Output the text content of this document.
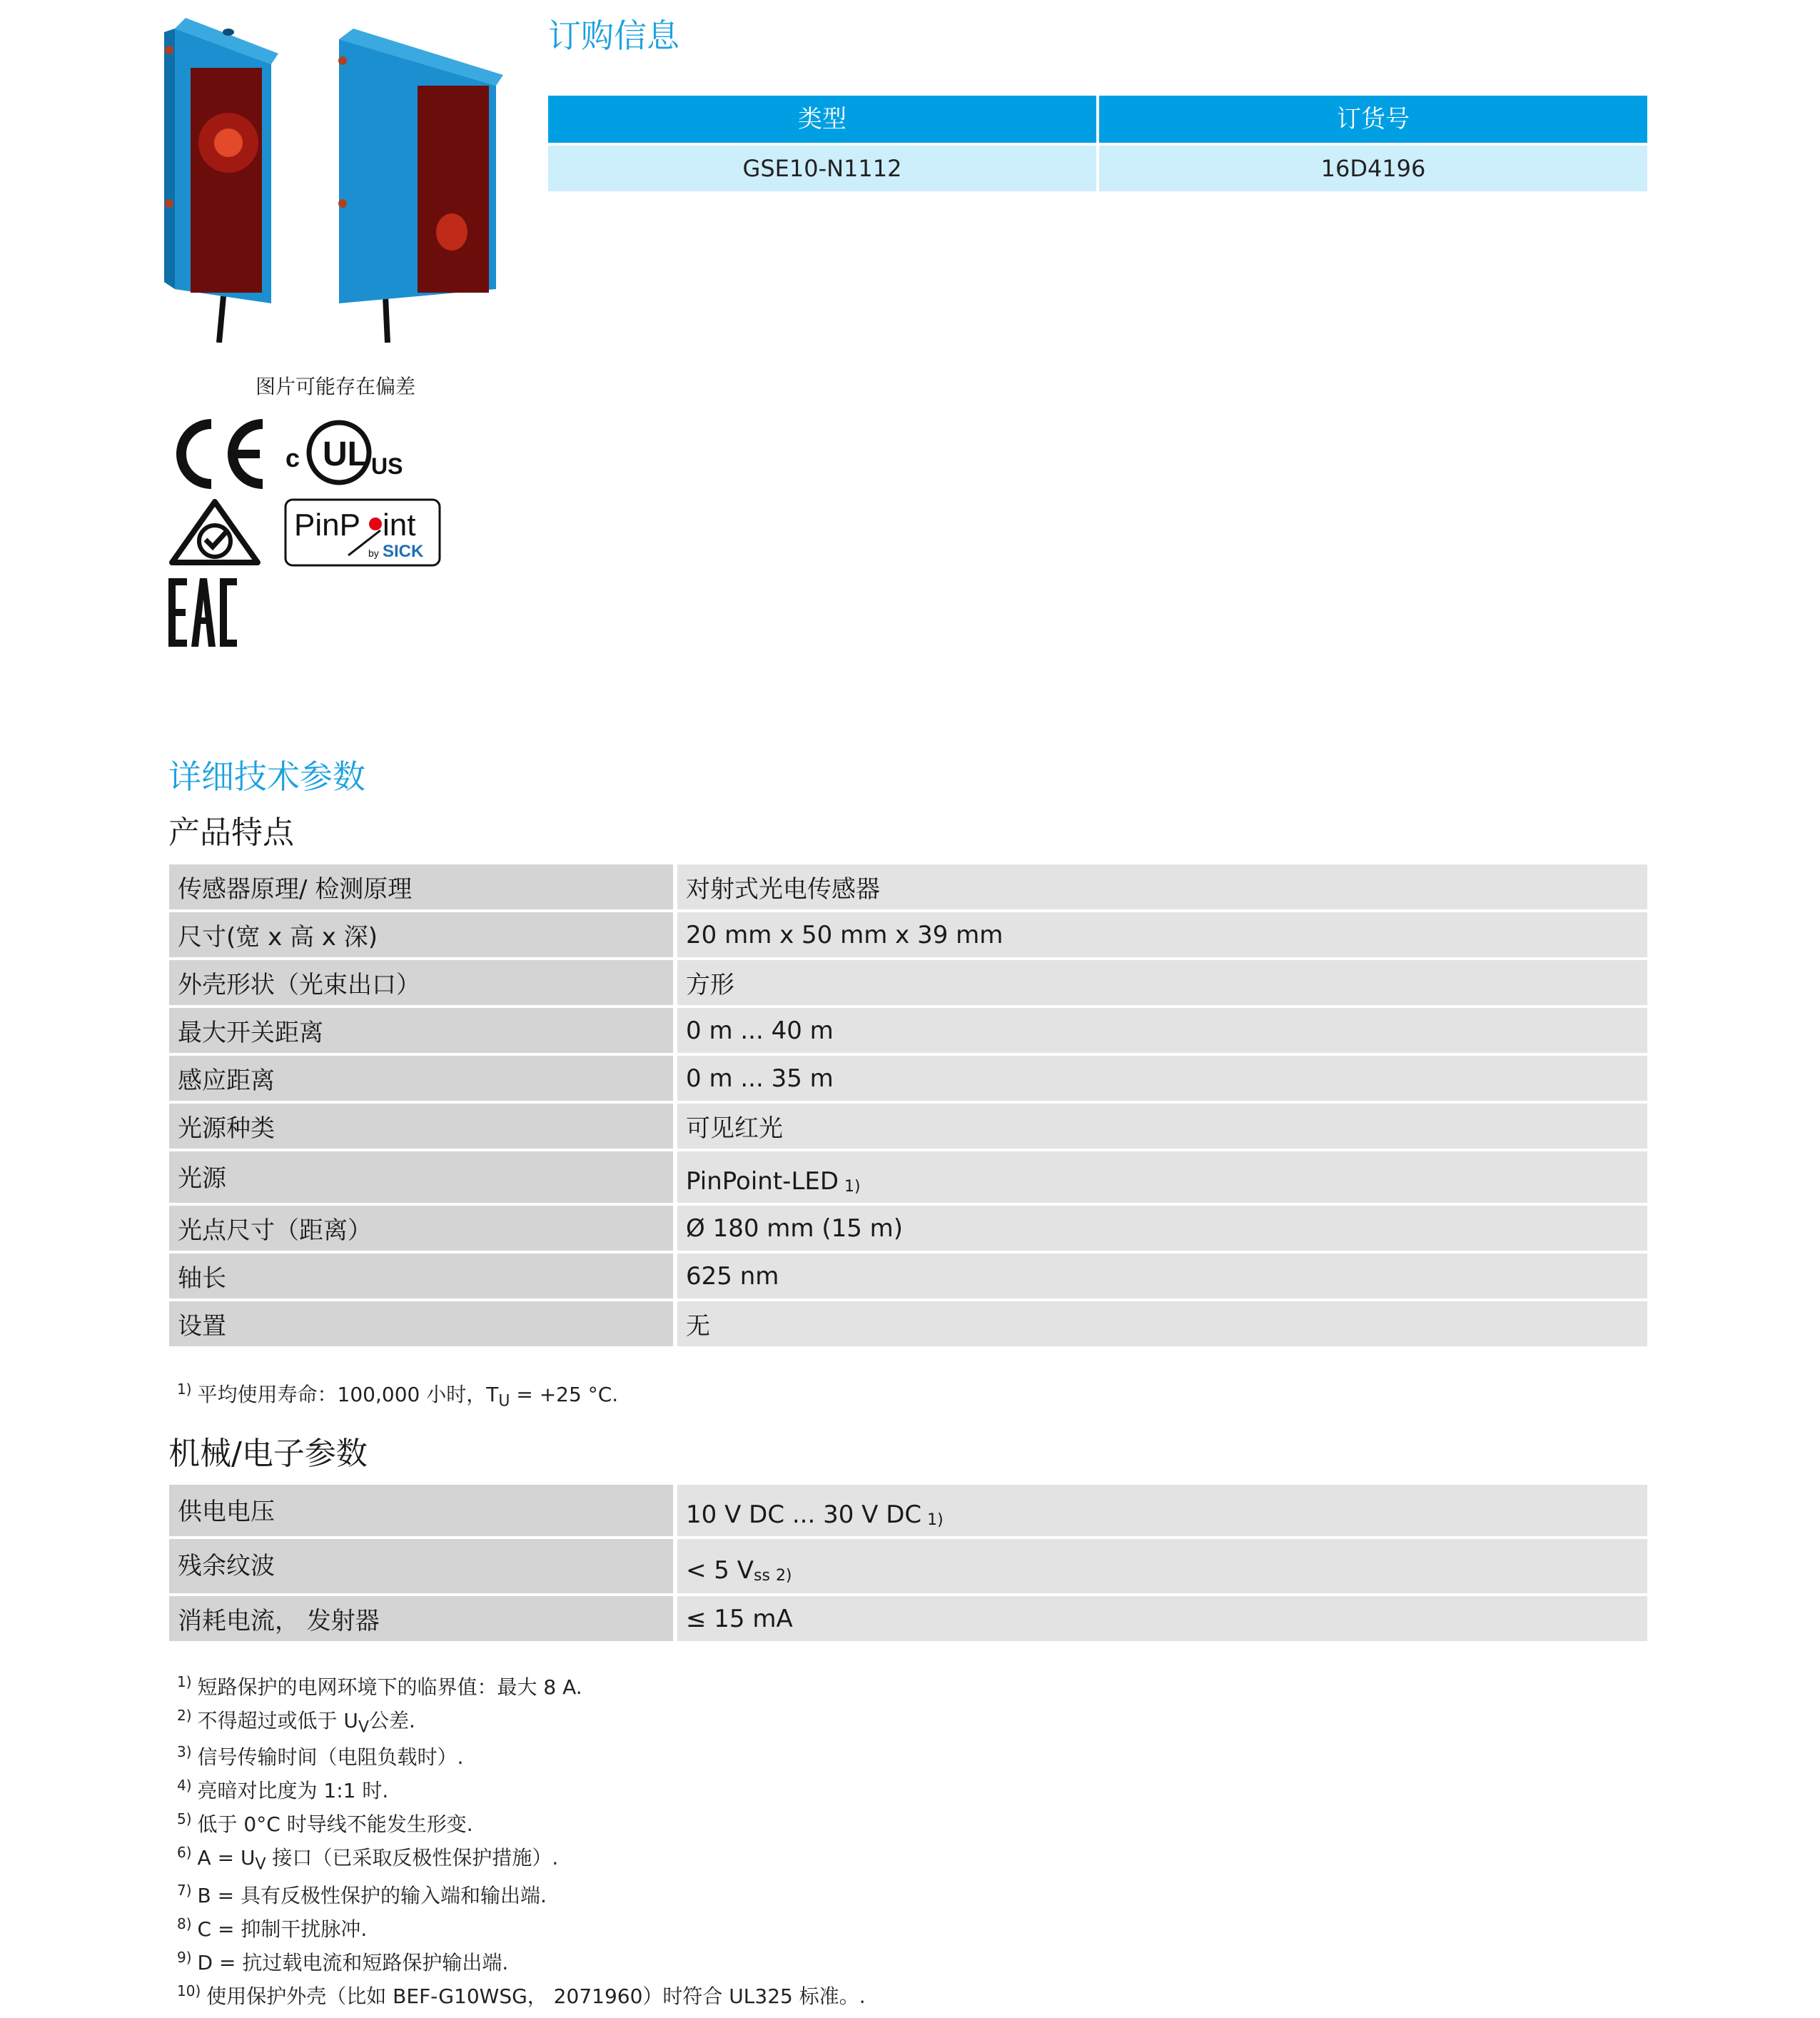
图片可能存在偏差
c UL US
PinP int
by SICK
订购信息
类型	订货号
GSE10-N1112	16D4196
详细技术参数
产品特点
传感器原理/ 检测原理	对射式光电传感器
尺寸(宽 x 高 x 深)	20 mm x 50 mm x 39 mm
外壳形状（光束出口）	方形
最大开关距离	0 m ... 40 m
感应距离	0 m ... 35 m
光源种类	可见红光
光源	PinPoint-LED $_{1)}$
光点尺寸（距离）	Ø 180 mm (15 m)
轴长	625 nm
设置	无
$^{1)}$ 平均使用寿命：100,000 小时，$T_U = +25$ °C.
机械/电子参数
供电电压	10 V DC ... 30 V DC $_{1)}$
残余纹波	< 5 $V_{ss}$ 2)
消耗电流， 发射器	≤ 15 mA
$^{1)}$ 短路保护的电网环境下的临界值：最大 8 A.
$^{2)}$ 不得超过或低于 $U_V$公差.
$^{3)}$ 信号传输时间（电阻负载时）.
$^{4)}$ 亮暗对比度为 1:1 时.
$^{5)}$ 低于 0°C 时导线不能发生形变.
$^{6)}$ $A = U_V$ 接口（已采取反极性保护措施）.
$^{7)}$ B = 具有反极性保护的输入端和输出端.
$^{8)}$ C = 抑制干扰脉冲.
$^{9)}$ D = 抗过载电流和短路保护输出端.
$^{10)}$ 使用保护外壳（比如 BEF-G10WSG， 2071960）时符合 UL325 标准。.
